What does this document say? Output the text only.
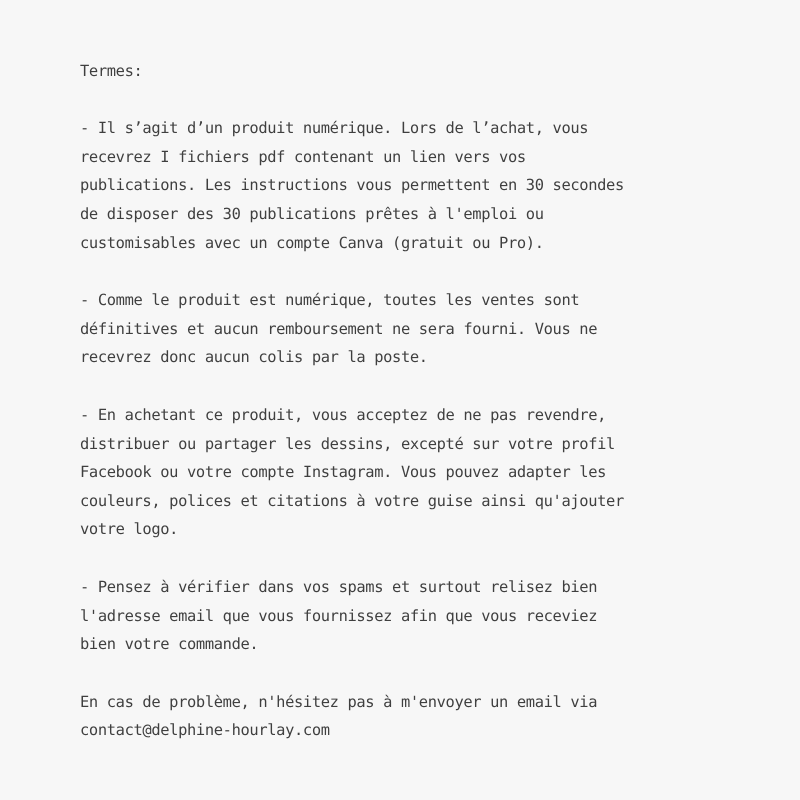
Termes:
- Il s’agit d’un produit numérique. Lors de l’achat, vous
recevrez I fichiers pdf contenant un lien vers vos
publications. Les instructions vous permettent en 30 secondes
de disposer des 30 publications prêtes à l'emploi ou
customisables avec un compte Canva (gratuit ou Pro).
- Comme le produit est numérique, toutes les ventes sont
définitives et aucun remboursement ne sera fourni. Vous ne
recevrez donc aucun colis par la poste.
- En achetant ce produit, vous acceptez de ne pas revendre,
distribuer ou partager les dessins, excepté sur votre profil
Facebook ou votre compte Instagram. Vous pouvez adapter les
couleurs, polices et citations à votre guise ainsi qu'ajouter
votre logo.
- Pensez à vérifier dans vos spams et surtout relisez bien
l'adresse email que vous fournissez afin que vous receviez
bien votre commande.
En cas de problème, n'hésitez pas à m'envoyer un email via
contact@delphine-hourlay.com
